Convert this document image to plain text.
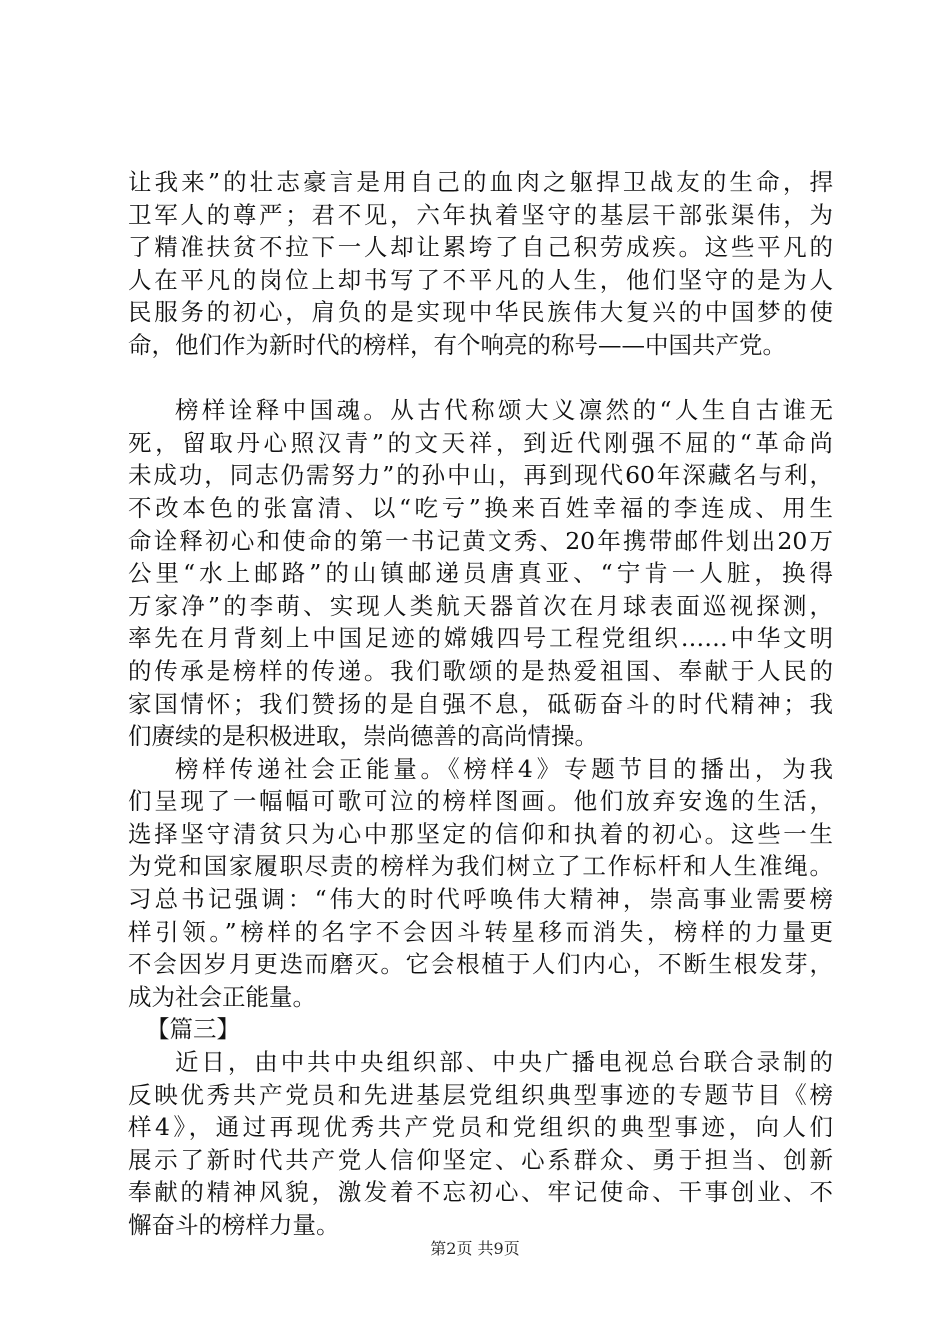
让我来”的壮志豪言是用自己的血肉之躯捍卫战友的生命，捍
卫军人的尊严；君不见，六年执着坚守的基层干部张渠伟，为
了精准扶贫不拉下一人却让累垮了自己积劳成疾。这些平凡的
人在平凡的岗位上却书写了不平凡的人生，他们坚守的是为人
民服务的初心，肩负的是实现中华民族伟大复兴的中国梦的使
命，他们作为新时代的榜样，有个响亮的称号——中国共产党。
榜样诠释中国魂。从古代称颂大义凛然的“人生自古谁无
死，留取丹心照汉青”的文天祥，到近代刚强不屈的“革命尚
未成功，同志仍需努力”的孙中山，再到现代60年深藏名与利，
不改本色的张富清、以“吃亏”换来百姓幸福的李连成、用生
命诠释初心和使命的第一书记黄文秀、20年携带邮件划出20万
公里“水上邮路”的山镇邮递员唐真亚、“宁肯一人脏，换得
万家净”的李萌、实现人类航天器首次在月球表面巡视探测，
率先在月背刻上中国足迹的嫦娥四号工程党组织……中华文明
的传承是榜样的传递。我们歌颂的是热爱祖国、奉献于人民的
家国情怀；我们赞扬的是自强不息，砥砺奋斗的时代精神；我
们赓续的是积极进取，崇尚德善的高尚情操。
榜样传递社会正能量。《榜样4》专题节目的播出，为我
们呈现了一幅幅可歌可泣的榜样图画。他们放弃安逸的生活，
选择坚守清贫只为心中那坚定的信仰和执着的初心。这些一生
为党和国家履职尽责的榜样为我们树立了工作标杆和人生准绳。
习总书记强调：“伟大的时代呼唤伟大精神，崇高事业需要榜
样引领。”榜样的名字不会因斗转星移而消失，榜样的力量更
不会因岁月更迭而磨灭。它会根植于人们内心，不断生根发芽，
成为社会正能量。
【篇三】
近日，由中共中央组织部、中央广播电视总台联合录制的
反映优秀共产党员和先进基层党组织典型事迹的专题节目《榜
样4》，通过再现优秀共产党员和党组织的典型事迹，向人们
展示了新时代共产党人信仰坚定、心系群众、勇于担当、创新
奉献的精神风貌，激发着不忘初心、牢记使命、干事创业、不
懈奋斗的榜样力量。
第2页 共9页
